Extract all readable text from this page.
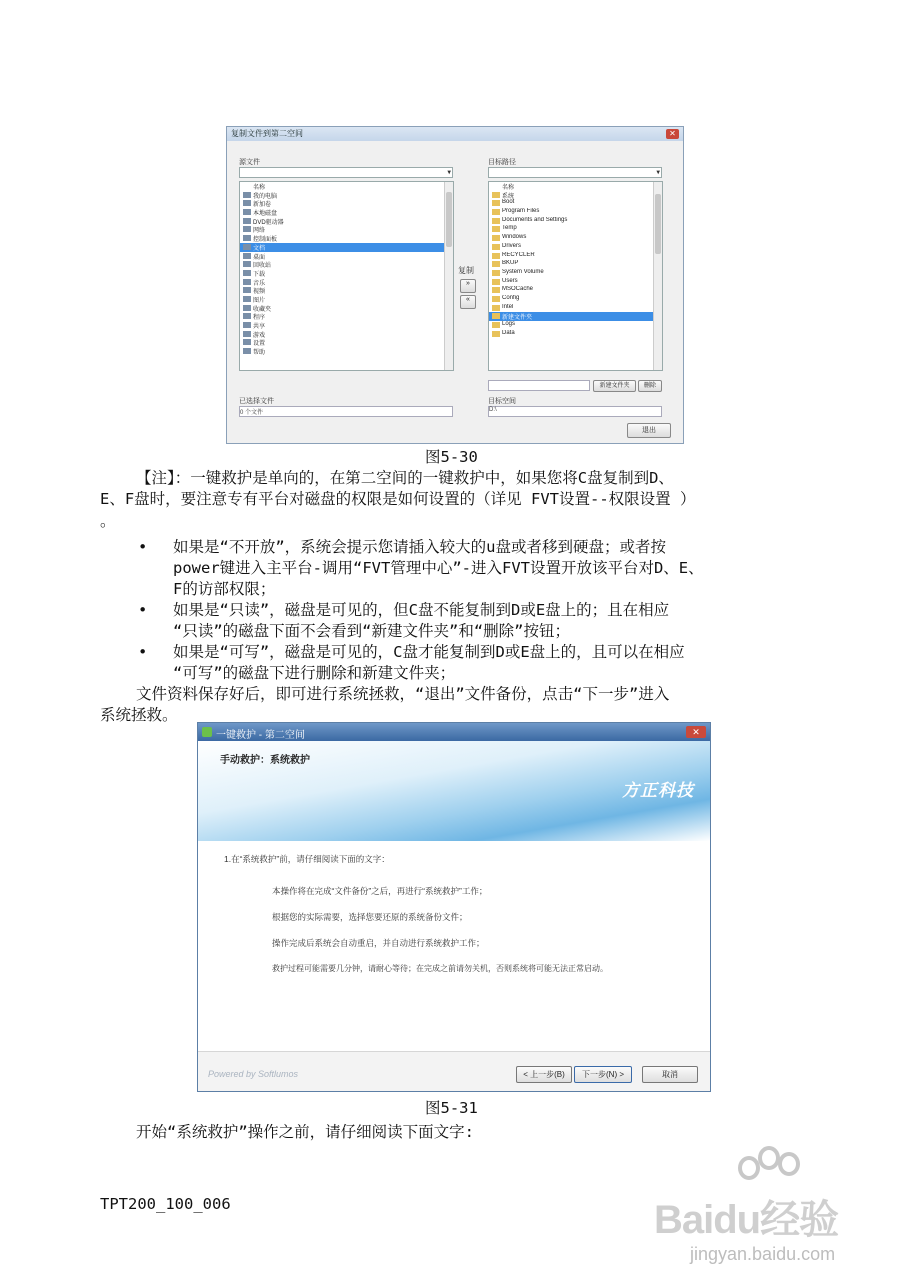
复制文件到第二空间	✕
源文件
▼
名称
我的电脑
新加卷
本地磁盘
DVD驱动器
网络
控制面板
文档
桌面
回收站
下载
音乐
视频
图片
收藏夹
程序
共享
游戏
设置
帮助
复制
»
«
目标路径
▼
名称
系统
Boot
Program Files
Documents and Settings
Temp
Windows
Drivers
RECYCLER
BKUP
System Volume
Users
MSOCache
Config
Intel
新建文件夹
Logs
Data
新建文件夹	删除
已选择文件
0 个文件
目标空间
D:\
退出
图5-30
【注】：一键救护是单向的，在第二空间的一键救护中，如果您将C盘复制到D、
E、F盘时，要注意专有平台对磁盘的权限是如何设置的（详见 FVT设置--权限设置 ）
。
• 如果是“不开放”，系统会提示您请插入较大的u盘或者移到硬盘；或者按
power键进入主平台-调用“FVT管理中心”-进入FVT设置开放该平台对D、E、
F的访部权限；
• 如果是“只读”，磁盘是可见的，但C盘不能复制到D或E盘上的；且在相应
“只读”的磁盘下面不会看到“新建文件夹”和“删除”按钮；
• 如果是“可写”，磁盘是可见的，C盘才能复制到D或E盘上的，且可以在相应
“可写”的磁盘下进行删除和新建文件夹；
文件资料保存好后，即可进行系统拯救，“退出”文件备份，点击“下一步”进入
系统拯救。
一键救护 - 第二空间	✕
手动救护：系统救护
方正科技
1.在“系统救护”前，请仔细阅读下面的文字：
本操作将在完成“文件备份”之后，再进行“系统救护”工作；
根据您的实际需要，选择您要还原的系统备份文件；
操作完成后系统会自动重启，并自动进行系统救护工作；
救护过程可能需要几分钟，请耐心等待；在完成之前请勿关机，否则系统将可能无法正常启动。
Powered by Softlumos	< 上一步(B)	下一步(N) >	取消
图5-31
开始“系统救护”操作之前，请仔细阅读下面文字:
TPT200_100_006	Baidu经验
jingyan.baidu.com
